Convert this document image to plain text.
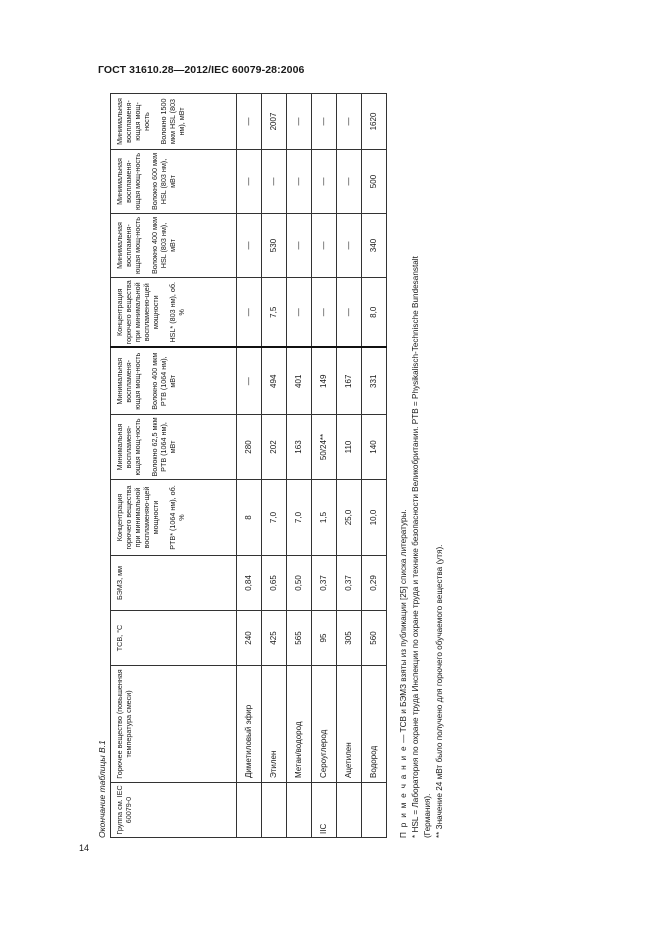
ГОСТ 31610.28—2012/IEC 60079-28:2006
Окончание таблицы В.1 Группа см. IEC 60079-0	Горючее вещество (повышенная температура смеси)	ТСВ, °С	БЭМЗ, мм	Концентрация горючего вещества при минимальной воспламеняю-щей мощности PTB* (1064 нм), об. %	Минимальная воспламеня-ющая мощ-ность Волокно 62,5 мкм PTB (1064 нм), мВт	Минимальная воспламеня-ющая мощ-ность Волокно 400 мкм PTB (1064 нм), мВт	Концентрация горючего вещества при минимальной воспламеню-щей мощности HSL* (803 нм), об. %	Минимальная воспламеня-ющая мощ-ность Волокно 400 мкм HSL (803 нм), мВт	Минимальная воспламеня-ющая мощ-ность Волокно 600 мкм HSL (803 нм), мВт	Минимальная воспламеня-ющая мощ-ность Волокно 1500 мкм HSL (803 нм), мВт

	Диметиловый эфир	240	0,84	8	280	—	—	—	—	—
	Этилен	425	0,65	7,0	202	494	7,5	530	—	2007
	Метан/водород	565	0,50	7,0	163	401	—	—	—	—
IIC	Сероуглерод	95	0,37	1,5	50/24**	149	—	—	—	—
	Ацетилен	305	0,37	25,0	110	167	—	—	—	—
	Водород	560	0,29	10,0	140	331	8,0	340	500	1620
П р и м е ч а н и е — ТСВ и БЭМЗ взяты из публикации [25] списка литературы. * HSL = Лаборатория по охране труда Инспекции по охране труда и технике безопасности Великобритании. PTB = Physikalisch-Technische Bundesanstalt (Германия). ** Значение 24 мВт было получено для горючего обучаемого вещества (утя).
14
